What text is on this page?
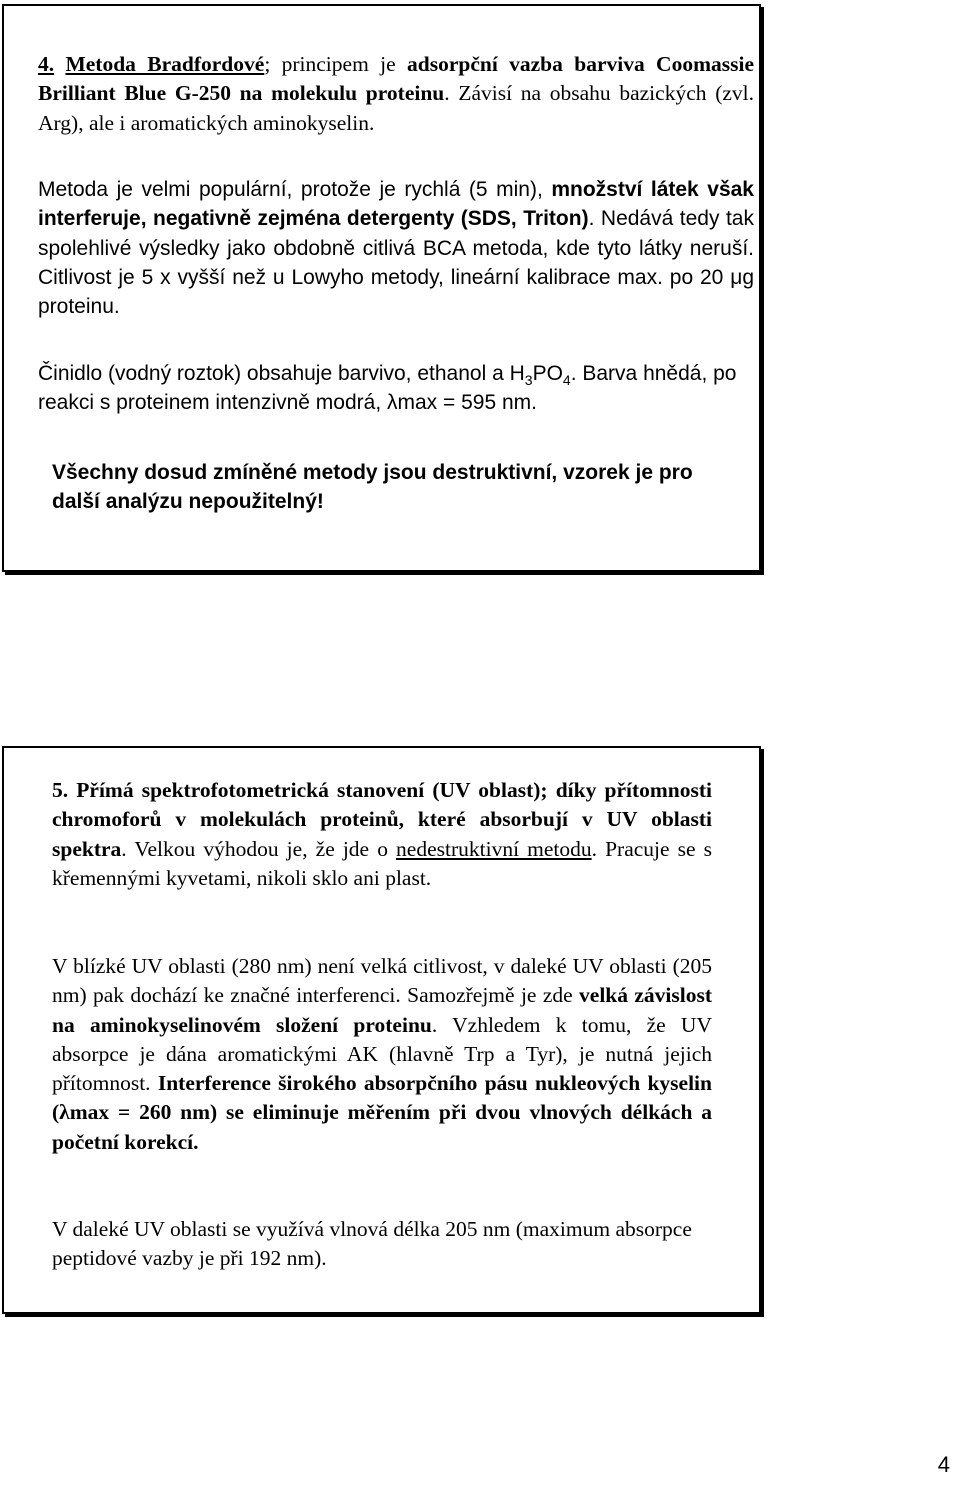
4. Metoda Bradfordové; principem je adsorpční vazba barviva Coomassie Brilliant Blue G-250 na molekulu proteinu. Závisí na obsahu bazických (zvl. Arg), ale i aromatických aminokyselin.
Metoda je velmi populární, protože je rychlá (5 min), množství látek však interferuje, negativně zejména detergenty (SDS, Triton). Nedává tedy tak spolehlivé výsledky jako obdobně citlivá BCA metoda, kde tyto látky neruší. Citlivost je 5 x vyšší než u Lowyho metody, lineární kalibrace max. po 20 μg proteinu.
Činidlo (vodný roztok) obsahuje barvivo, ethanol a $H_3PO_4$. Barva hnědá, po reakci s proteinem intenzivně modrá, λmax = 595 nm.
Všechny dosud zmíněné metody jsou destruktivní, vzorek je pro další analýzu nepoužitelný!
5. Přímá spektrofotometrická stanovení (UV oblast); díky přítomnosti chromoforů v molekulách proteinů, které absorbují v UV oblasti spektra. Velkou výhodou je, že jde o nedestruktivní metodu. Pracuje se s křemennými kyvetami, nikoli sklo ani plast.
V blízké UV oblasti (280 nm) není velká citlivost, v daleké UV oblasti (205 nm) pak dochází ke značné interferenci. Samozřejmě je zde velká závislost na aminokyselinovém složení proteinu. Vzhledem k tomu, že UV absorpce je dána aromatickými AK (hlavně Trp a Tyr), je nutná jejich přítomnost. Interference širokého absorpčního pásu nukleových kyselin (λmax = 260 nm) se eliminuje měřením při dvou vlnových délkách a početní korekcí.
V daleké UV oblasti se využívá vlnová délka 205 nm (maximum absorpce peptidové vazby je při 192 nm).
4
